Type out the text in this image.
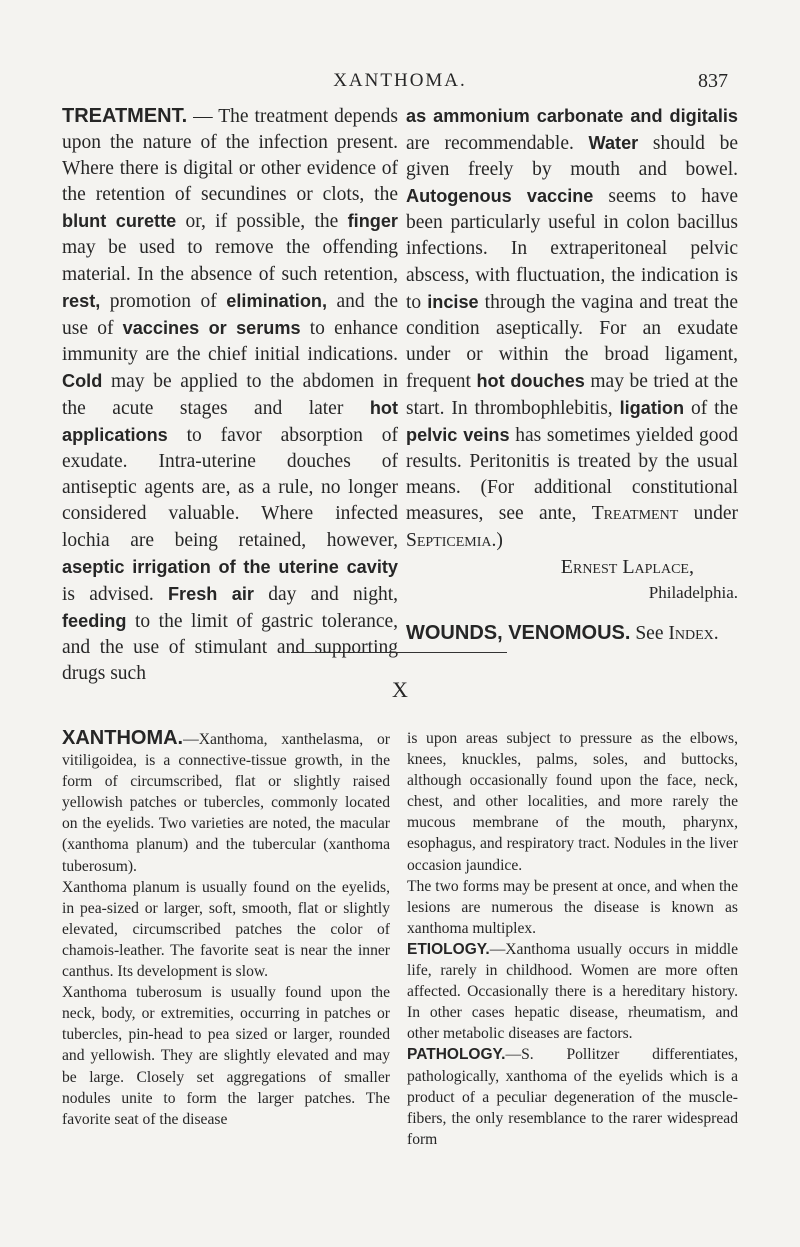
XANTHOMA.	837

TREATMENT. — The treatment depends upon the nature of the infection present. Where there is digital or other evidence of the retention of secundines or clots, the blunt curette or, if possible, the finger may be used to remove the offending material. In the absence of such retention, rest, promotion of elimination, and the use of vaccines or serums to enhance immunity are the chief initial indications. Cold may be applied to the abdomen in the acute stages and later hot applications to favor absorption of exudate. Intra-uterine douches of antiseptic agents are, as a rule, no longer considered valuable. Where infected lochia are being retained, however, aseptic irrigation of the uterine cavity is advised. Fresh air day and night, feeding to the limit of gastric tolerance, and the use of stimulant and supporting drugs such

as ammonium carbonate and digitalis are recommendable. Water should be given freely by mouth and bowel. Autogenous vaccine seems to have been particularly useful in colon bacillus infections. In extraperitoneal pelvic abscess, with fluctuation, the indication is to incise through the vagina and treat the condition aseptically. For an exudate under or within the broad ligament, frequent hot douches may be tried at the start. In thrombophlebitis, ligation of the pelvic veins has sometimes yielded good results. Peritonitis is treated by the usual means. (For additional constitutional measures, see ante, Treatment under Septicemia.)

Ernest Laplace,
Philadelphia.

WOUNDS, VENOMOUS. See Index.

X

XANTHOMA.—Xanthoma, xanthelasma, or vitiligoidea, is a connective-tissue growth, in the form of circumscribed, flat or slightly raised yellowish patches or tubercles, commonly located on the eyelids. Two varieties are noted, the macular (xanthoma planum) and the tubercular (xanthoma tuberosum).

Xanthoma planum is usually found on the eyelids, in pea-sized or larger, soft, smooth, flat or slightly elevated, circumscribed patches the color of chamois-leather. The favorite seat is near the inner canthus. Its development is slow.

Xanthoma tuberosum is usually found upon the neck, body, or extremities, occurring in patches or tubercles, pin-head to pea sized or larger, rounded and yellowish. They are slightly elevated and may be large. Closely set aggregations of smaller nodules unite to form the larger patches. The favorite seat of the disease

is upon areas subject to pressure as the elbows, knees, knuckles, palms, soles, and buttocks, although occasionally found upon the face, neck, chest, and other localities, and more rarely the mucous membrane of the mouth, pharynx, esophagus, and respiratory tract. Nodules in the liver occasion jaundice.

The two forms may be present at once, and when the lesions are numerous the disease is known as xanthoma multiplex.

ETIOLOGY.—Xanthoma usually occurs in middle life, rarely in childhood. Women are more often affected. Occasionally there is a hereditary history. In other cases hepatic disease, rheumatism, and other metabolic diseases are factors.

PATHOLOGY.—S. Pollitzer differentiates, pathologically, xanthoma of the eyelids which is a product of a peculiar degeneration of the muscle-fibers, the only resemblance to the rarer widespread form
